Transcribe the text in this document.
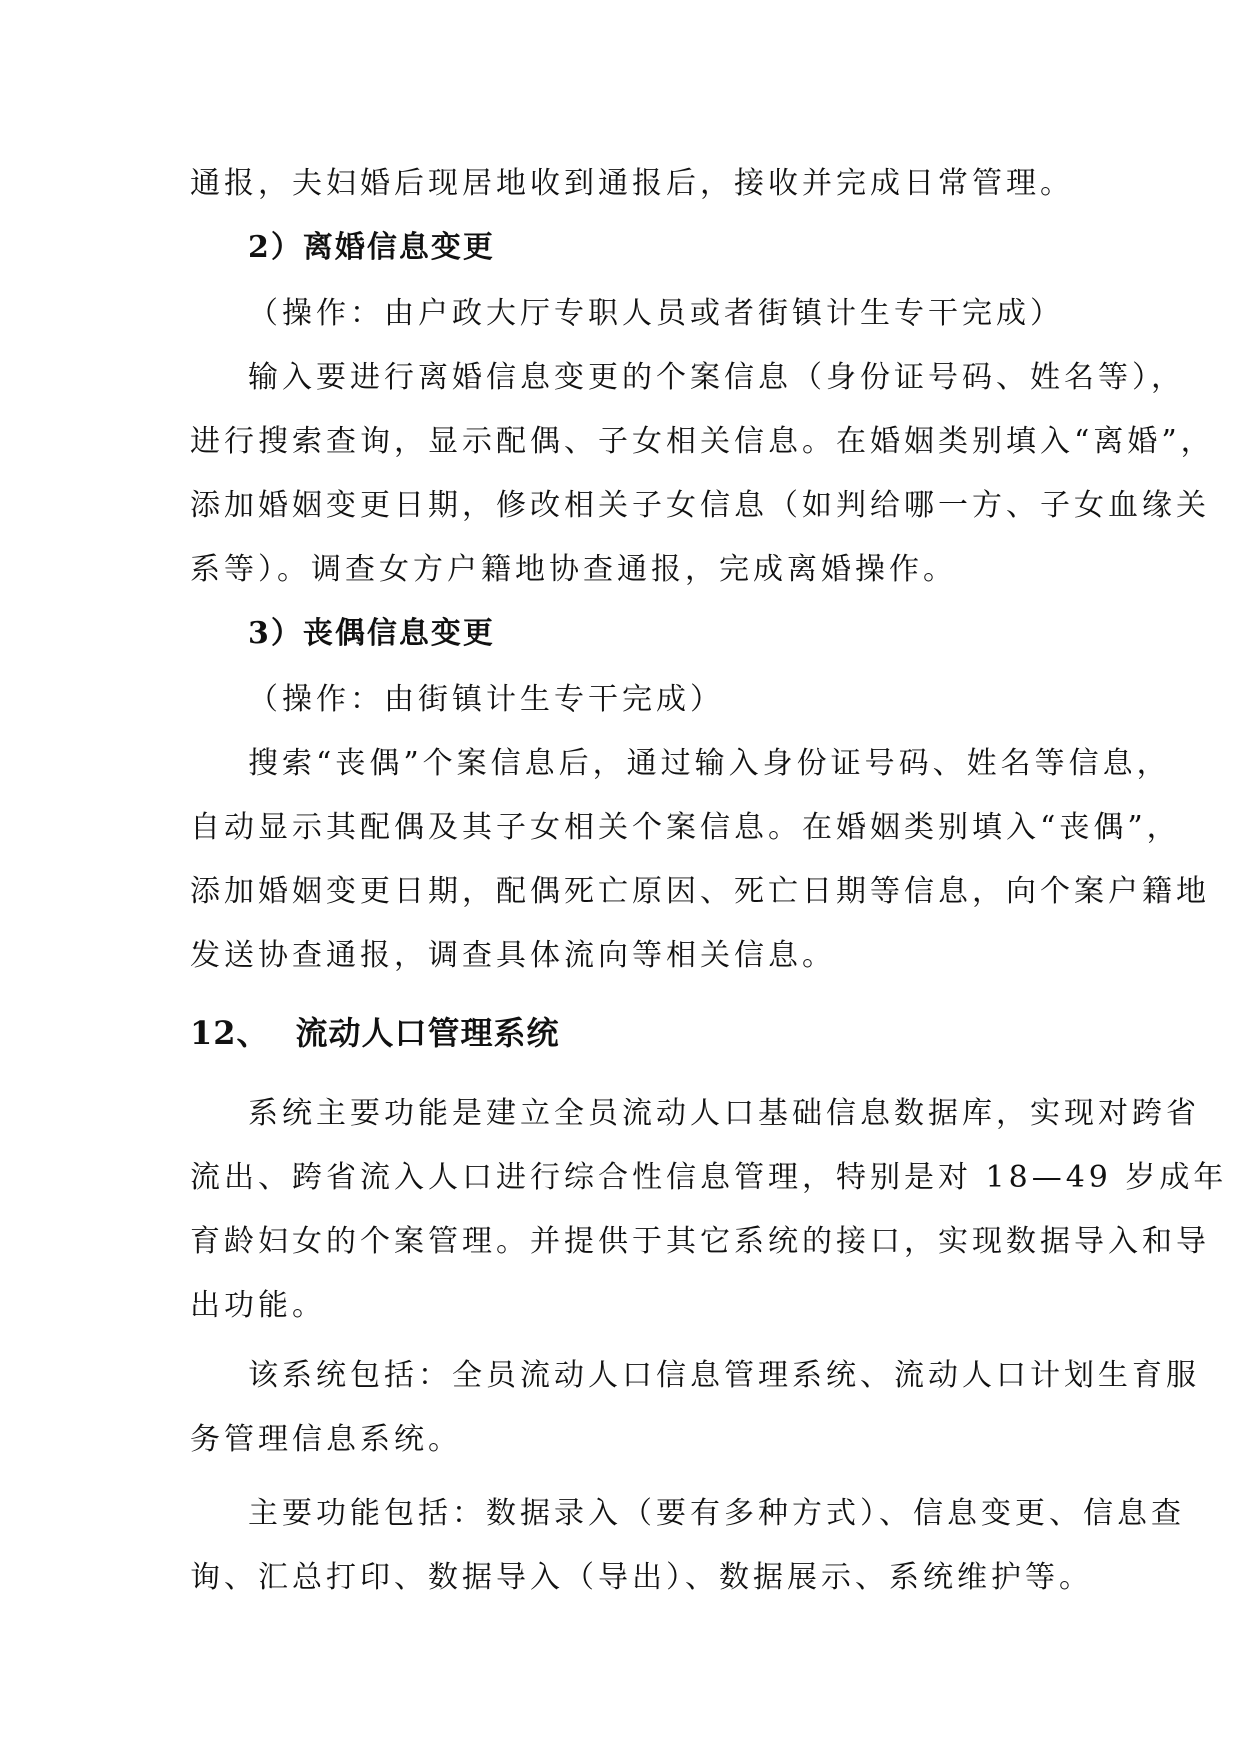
通报，夫妇婚后现居地收到通报后，接收并完成日常管理。
2）离婚信息变更
（操作：由户政大厅专职人员或者街镇计生专干完成）
输入要进行离婚信息变更的个案信息（身份证号码、姓名等），
进行搜索查询，显示配偶、子女相关信息。在婚姻类别填入“离婚”，
添加婚姻变更日期，修改相关子女信息（如判给哪一方、子女血缘关
系等）。调查女方户籍地协查通报，完成离婚操作。
3）丧偶信息变更
（操作：由街镇计生专干完成）
搜索“丧偶”个案信息后，通过输入身份证号码、姓名等信息，
自动显示其配偶及其子女相关个案信息。在婚姻类别填入“丧偶”，
添加婚姻变更日期，配偶死亡原因、死亡日期等信息，向个案户籍地
发送协查通报，调查具体流向等相关信息。
12、 流动人口管理系统
系统主要功能是建立全员流动人口基础信息数据库，实现对跨省
流出、跨省流入人口进行综合性信息管理，特别是对 18—49 岁成年
育龄妇女的个案管理。并提供于其它系统的接口，实现数据导入和导
出功能。
该系统包括：全员流动人口信息管理系统、流动人口计划生育服
务管理信息系统。
主要功能包括：数据录入（要有多种方式）、信息变更、信息查
询、汇总打印、数据导入（导出）、数据展示、系统维护等。
